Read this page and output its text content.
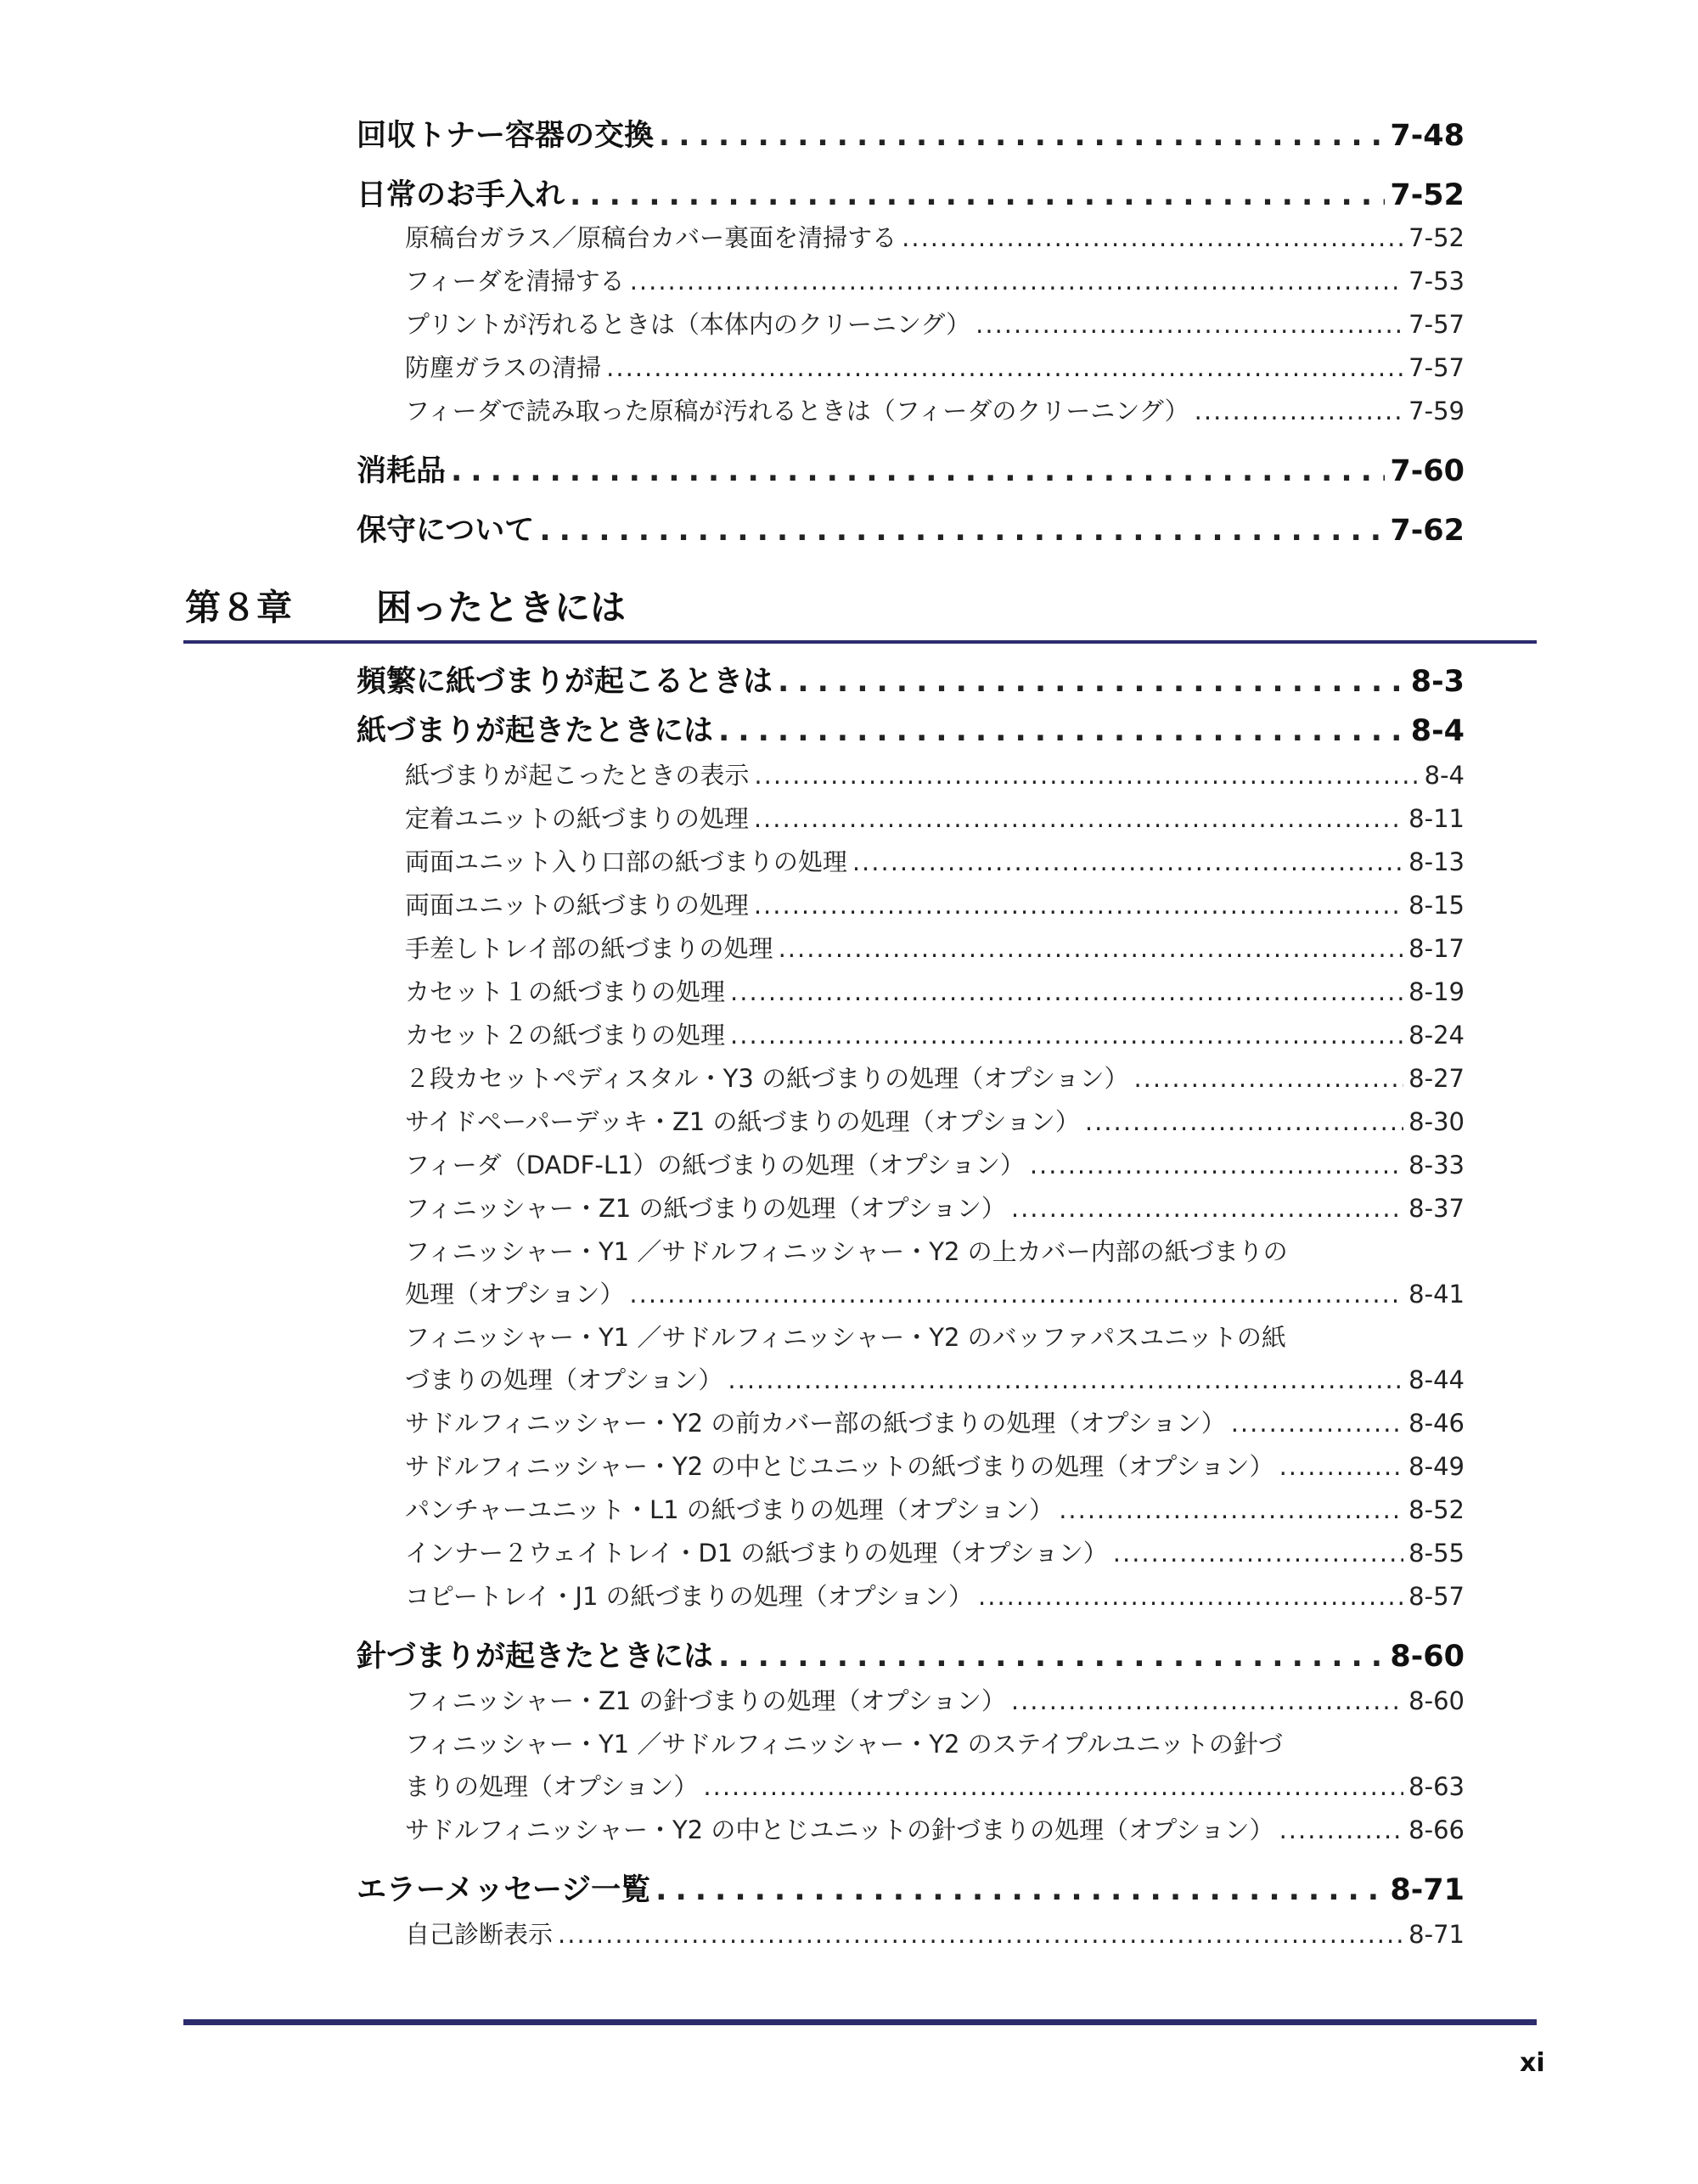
回収トナー容器の交換 .....	7-48
日常のお手入れ .....	7-52
原稿台ガラス／原稿台カバー裏面を清掃する .....	7-52
フィーダを清掃する .....	7-53
プリントが汚れるときは（本体内のクリーニング） .....	7-57
防塵ガラスの清掃 .....	7-57
フィーダで読み取った原稿が汚れるときは（フィーダのクリーニング） .....	7-59
消耗品 .....	7-60
保守について .....	7-62
頻繁に紙づまりが起こるときは .....	8-3
紙づまりが起きたときには .....	8-4
紙づまりが起こったときの表示 .....	8-4
定着ユニットの紙づまりの処理 .....	8-11
両面ユニット入り口部の紙づまりの処理 .....	8-13
両面ユニットの紙づまりの処理 .....	8-15
手差しトレイ部の紙づまりの処理 .....	8-17
カセット１の紙づまりの処理 .....	8-19
カセット２の紙づまりの処理 .....	8-24
２段カセットペディスタル・Y3 の紙づまりの処理（オプション） .....	8-27
サイドペーパーデッキ・Z1 の紙づまりの処理（オプション） .....	8-30
フィーダ（DADF-L1）の紙づまりの処理（オプション） .....	8-33
フィニッシャー・Z1 の紙づまりの処理（オプション） .....	8-37
フィニッシャー・Y1 ／サドルフィニッシャー・Y2 の上カバー内部の紙づまりの
処理（オプション） .....	8-41
フィニッシャー・Y1 ／サドルフィニッシャー・Y2 のバッファパスユニットの紙
づまりの処理（オプション） .....	8-44
サドルフィニッシャー・Y2 の前カバー部の紙づまりの処理（オプション） .....	8-46
サドルフィニッシャー・Y2 の中とじユニットの紙づまりの処理（オプション） .....	8-49
パンチャーユニット・L1 の紙づまりの処理（オプション） .....	8-52
インナー２ウェイトレイ・D1 の紙づまりの処理（オプション） .....	8-55
コピートレイ・J1 の紙づまりの処理（オプション） .....	8-57
針づまりが起きたときには .....	8-60
フィニッシャー・Z1 の針づまりの処理（オプション） .....	8-60
フィニッシャー・Y1 ／サドルフィニッシャー・Y2 のステイプルユニットの針づ
まりの処理（オプション） .....	8-63
サドルフィニッシャー・Y2 の中とじユニットの針づまりの処理（オプション） .....	8-66
エラーメッセージ一覧 .....	8-71
自己診断表示 .....	8-71
第８章 困ったときには
xi
